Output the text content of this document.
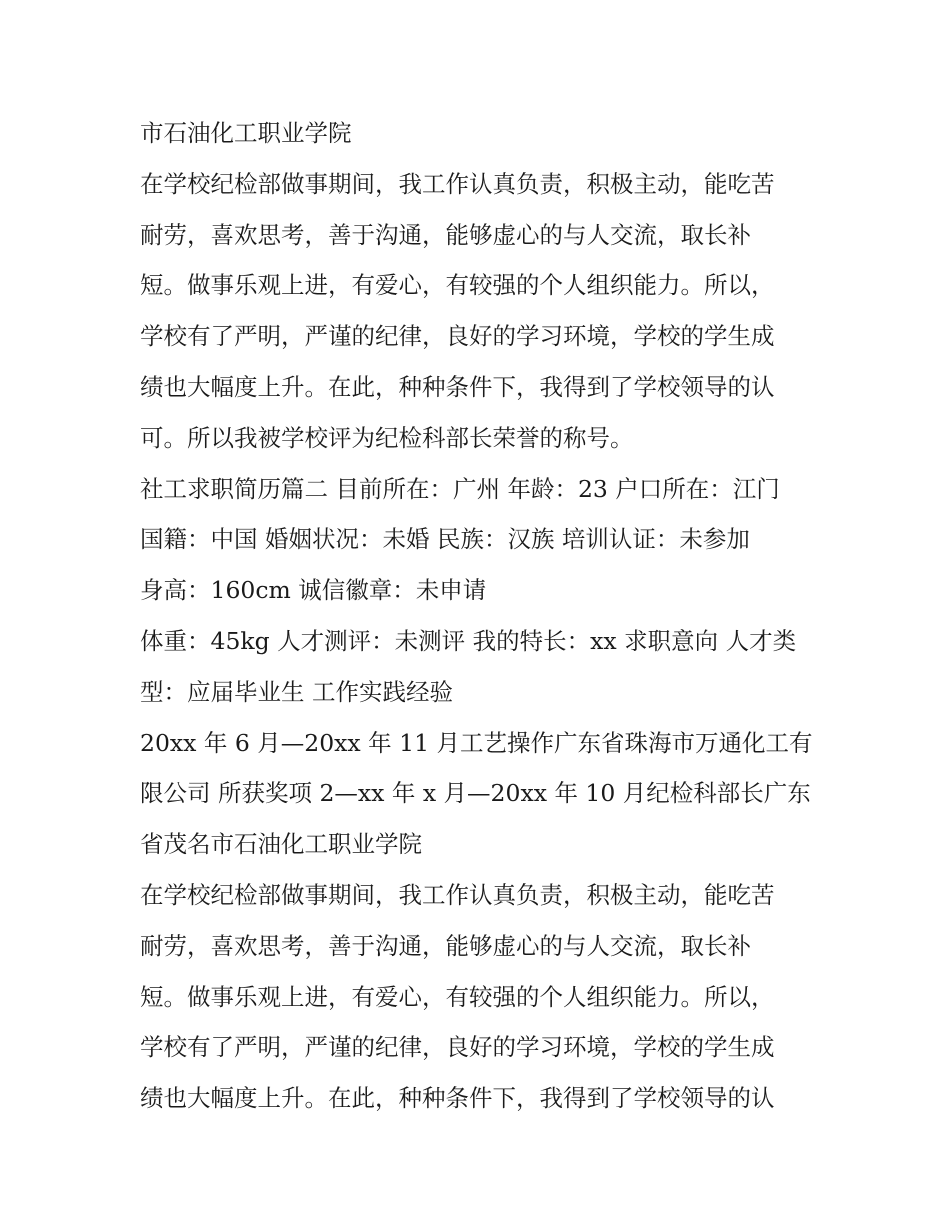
市石油化工职业学院

在学校纪检部做事期间，我工作认真负责，积极主动，能吃苦
耐劳，喜欢思考，善于沟通，能够虚心的与人交流，取长补
短。做事乐观上进，有爱心，有较强的个人组织能力。所以，
学校有了严明，严谨的纪律，良好的学习环境，学校的学生成
绩也大幅度上升。在此，种种条件下，我得到了学校领导的认
可。所以我被学校评为纪检科部长荣誉的称号。

社工求职简历篇二 目前所在：广州 年龄：23 户口所在：江门
国籍：中国 婚姻状况：未婚 民族：汉族 培训认证：未参加
身高：160cm 诚信徽章：未申请

体重：45kg 人才测评：未测评 我的特长：xx 求职意向 人才类
型：应届毕业生 工作实践经验

20xx 年 6 月—20xx 年 11 月工艺操作广东省珠海市万通化工有
限公司 所获奖项 2—xx 年 x 月—20xx 年 10 月纪检科部长广东
省茂名市石油化工职业学院

在学校纪检部做事期间，我工作认真负责，积极主动，能吃苦
耐劳，喜欢思考，善于沟通，能够虚心的与人交流，取长补
短。做事乐观上进，有爱心，有较强的个人组织能力。所以，
学校有了严明，严谨的纪律，良好的学习环境，学校的学生成
绩也大幅度上升。在此，种种条件下，我得到了学校领导的认
